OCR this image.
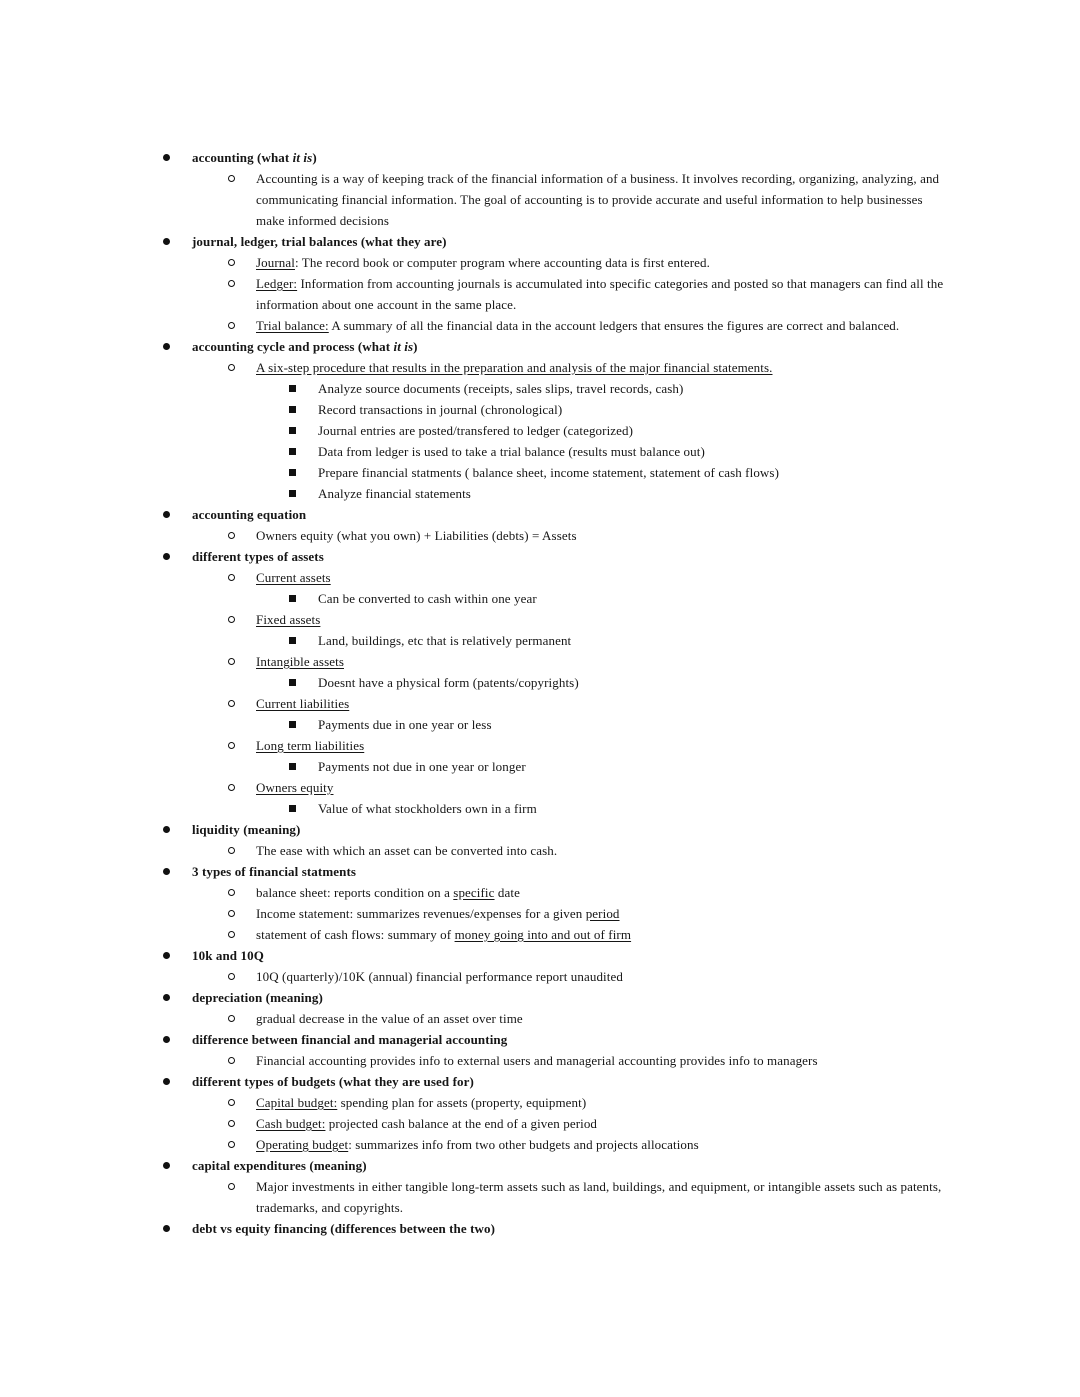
accounting (what it is)
Accounting is a way of keeping track of the financial information of a business. It involves recording, organizing, analyzing, and communicating financial information. The goal of accounting is to provide accurate and useful information to help businesses make informed decisions
journal, ledger, trial balances (what they are)
Journal: The record book or computer program where accounting data is first entered.
Ledger: Information from accounting journals is accumulated into specific categories and posted so that managers can find all the information about one account in the same place.
Trial balance: A summary of all the financial data in the account ledgers that ensures the figures are correct and balanced.
accounting cycle and process (what it is)
A six-step procedure that results in the preparation and analysis of the major financial statements.
Analyze source documents (receipts, sales slips, travel records, cash)
Record transactions in journal (chronological)
Journal entries are posted/transfered to ledger (categorized)
Data from ledger is used to take a trial balance (results must balance out)
Prepare financial statments ( balance sheet, income statement, statement of cash flows)
Analyze financial statements
accounting equation
Owners equity (what you own) + Liabilities (debts) = Assets
different types of assets
Current assets
Can be converted to cash within one year
Fixed assets
Land, buildings, etc that is relatively permanent
Intangible assets
Doesnt have a physical form (patents/copyrights)
Current liabilities
Payments due in one year or less
Long term liabilities
Payments not due in one year or longer
Owners equity
Value of what stockholders own in a firm
liquidity (meaning)
The ease with which an asset can be converted into cash.
3 types of financial statments
balance sheet: reports condition on a specific date
Income statement: summarizes revenues/expenses for a given period
statement of cash flows: summary of money going into and out of firm
10k and 10Q
10Q (quarterly)/10K (annual) financial performance report unaudited
depreciation (meaning)
gradual decrease in the value of an asset over time
difference between financial and managerial accounting
Financial accounting provides info to external users and managerial accounting provides info to managers
different types of budgets (what they are used for)
Capital budget: spending plan for assets (property, equipment)
Cash budget: projected cash balance at the end of a given period
Operating budget: summarizes info from two other budgets and projects allocations
capital expenditures (meaning)
Major investments in either tangible long-term assets such as land, buildings, and equipment, or intangible assets such as patents, trademarks, and copyrights.
debt vs equity financing (differences between the two)
